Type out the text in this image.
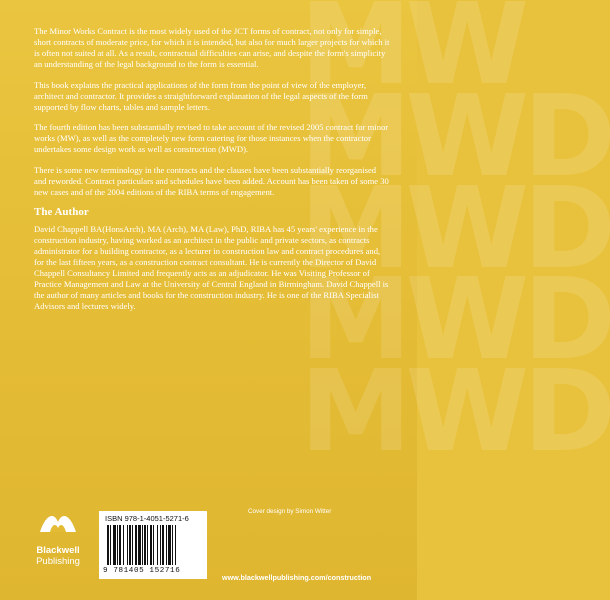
MW
MWD
MWD
MWD
MWD

The Minor Works Contract is the most widely used of the JCT forms of contract, not only for simple, short contracts of moderate price, for which it is intended, but also for much larger projects for which it is often not suited at all. As a result, contractual difficulties can arise, and despite the form's simplicity an understanding of the legal background to the form is essential.

This book explains the practical applications of the form from the point of view of the employer, architect and contractor. It provides a straightforward explanation of the legal aspects of the form supported by flow charts, tables and sample letters.

The fourth edition has been substantially revised to take account of the revised 2005 contract for minor works (MW), as well as the completely new form catering for those instances when the contractor undertakes some design work as well as construction (MWD).

There is some new terminology in the contracts and the clauses have been substantially reorganised and reworded. Contract particulars and schedules have been added. Account has been taken of some 30 new cases and of the 2004 editions of the RIBA terms of engagement.

The Author

David Chappell BA(HonsArch), MA (Arch), MA (Law), PhD, RIBA has 45 years' experience in the construction industry, having worked as an architect in the public and private sectors, as contracts administrator for a building contractor, as a lecturer in construction law and contract procedures and, for the last fifteen years, as a construction contract consultant. He is currently the Director of David Chappell Consultancy Limited and frequently acts as an adjudicator. He was Visiting Professor of Practice Management and Law at the University of Central England in Birmingham. David Chappell is the author of many articles and books for the construction industry. He is one of the RIBA Specialist Advisors and lectures widely.

Blackwell
Publishing
ISBN 978-1-4051-5271-6
9 781405 152716
Cover design by Simon Witter
www.blackwellpublishing.com/construction
